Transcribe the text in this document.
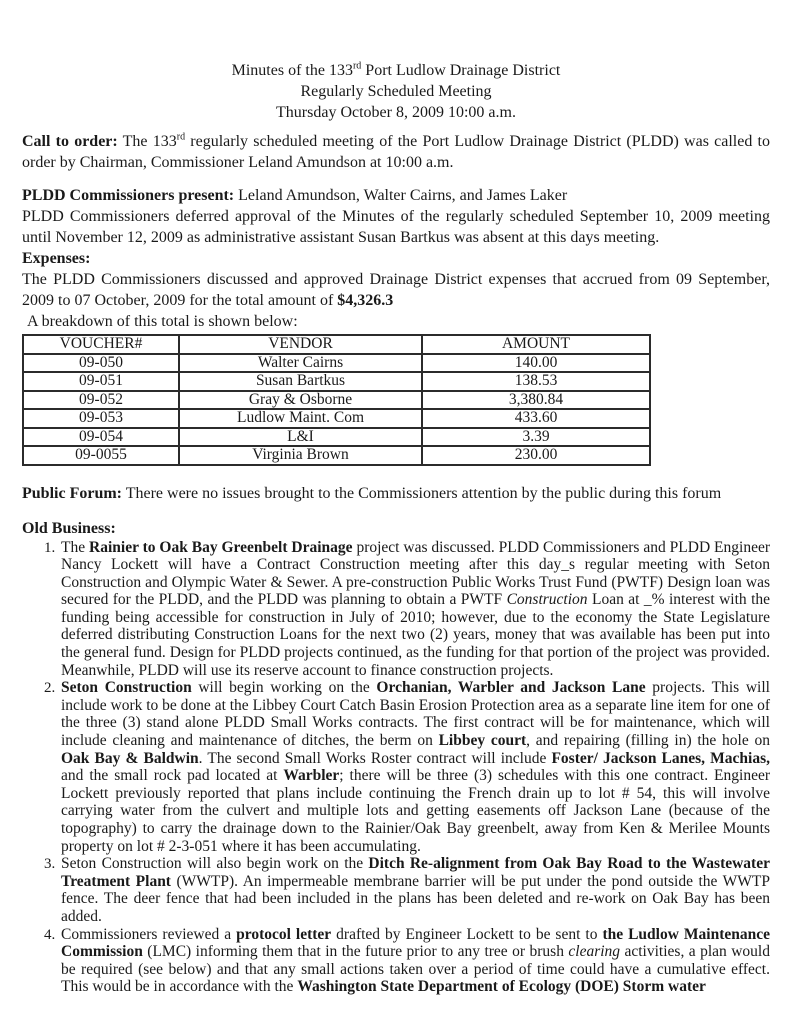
Minutes of the 133rd Port Ludlow Drainage District
Regularly Scheduled Meeting
Thursday October 8, 2009 10:00 a.m.

Call to order: The 133rd regularly scheduled meeting of the Port Ludlow Drainage District (PLDD) was called to order by Chairman, Commissioner Leland Amundson at 10:00 a.m.

PLDD Commissioners present: Leland Amundson, Walter Cairns, and James Laker

PLDD Commissioners deferred approval of the Minutes of the regularly scheduled September 10, 2009 meeting until November 12, 2009 as administrative assistant Susan Bartkus was absent at this days meeting.

Expenses:

The PLDD Commissioners discussed and approved Drainage District expenses that accrued from 09 September, 2009 to 07 October, 2009 for the total amount of $4,326.3

A breakdown of this total is shown below:

VOUCHER#	VENDOR	AMOUNT
09-050	Walter Cairns	140.00
09-051	Susan Bartkus	138.53
09-052	Gray & Osborne	3,380.84
09-053	Ludlow Maint. Com	433.60
09-054	L&I	3.39
09-0055	Virginia Brown	230.00

Public Forum: There were no issues brought to the Commissioners attention by the public during this forum

Old Business:

1. The Rainier to Oak Bay Greenbelt Drainage project was discussed. PLDD Commissioners and PLDD Engineer Nancy Lockett will have a Contract Construction meeting after this day_s regular meeting with Seton Construction and Olympic Water & Sewer. A pre-construction Public Works Trust Fund (PWTF) Design loan was secured for the PLDD, and the PLDD was planning to obtain a PWTF Construction Loan at _% interest with the funding being accessible for construction in July of 2010; however, due to the economy the State Legislature deferred distributing Construction Loans for the next two (2) years, money that was available has been put into the general fund. Design for PLDD projects continued, as the funding for that portion of the project was provided. Meanwhile, PLDD will use its reserve account to finance construction projects.
2. Seton Construction will begin working on the Orchanian, Warbler and Jackson Lane projects. This will include work to be done at the Libbey Court Catch Basin Erosion Protection area as a separate line item for one of the three (3) stand alone PLDD Small Works contracts. The first contract will be for maintenance, which will include cleaning and maintenance of ditches, the berm on Libbey court, and repairing (filling in) the hole on Oak Bay & Baldwin. The second Small Works Roster contract will include Foster/ Jackson Lanes, Machias, and the small rock pad located at Warbler; there will be three (3) schedules with this one contract. Engineer Lockett previously reported that plans include continuing the French drain up to lot # 54, this will involve carrying water from the culvert and multiple lots and getting easements off Jackson Lane (because of the topography) to carry the drainage down to the Rainier/Oak Bay greenbelt, away from Ken & Merilee Mounts property on lot # 2-3-051 where it has been accumulating.
3. Seton Construction will also begin work on the Ditch Re-alignment from Oak Bay Road to the Wastewater Treatment Plant (WWTP). An impermeable membrane barrier will be put under the pond outside the WWTP fence. The deer fence that had been included in the plans has been deleted and re-work on Oak Bay has been added.
4. Commissioners reviewed a protocol letter drafted by Engineer Lockett to be sent to the Ludlow Maintenance Commission (LMC) informing them that in the future prior to any tree or brush clearing activities, a plan would be required (see below) and that any small actions taken over a period of time could have a cumulative effect. This would be in accordance with the Washington State Department of Ecology (DOE) Storm water
